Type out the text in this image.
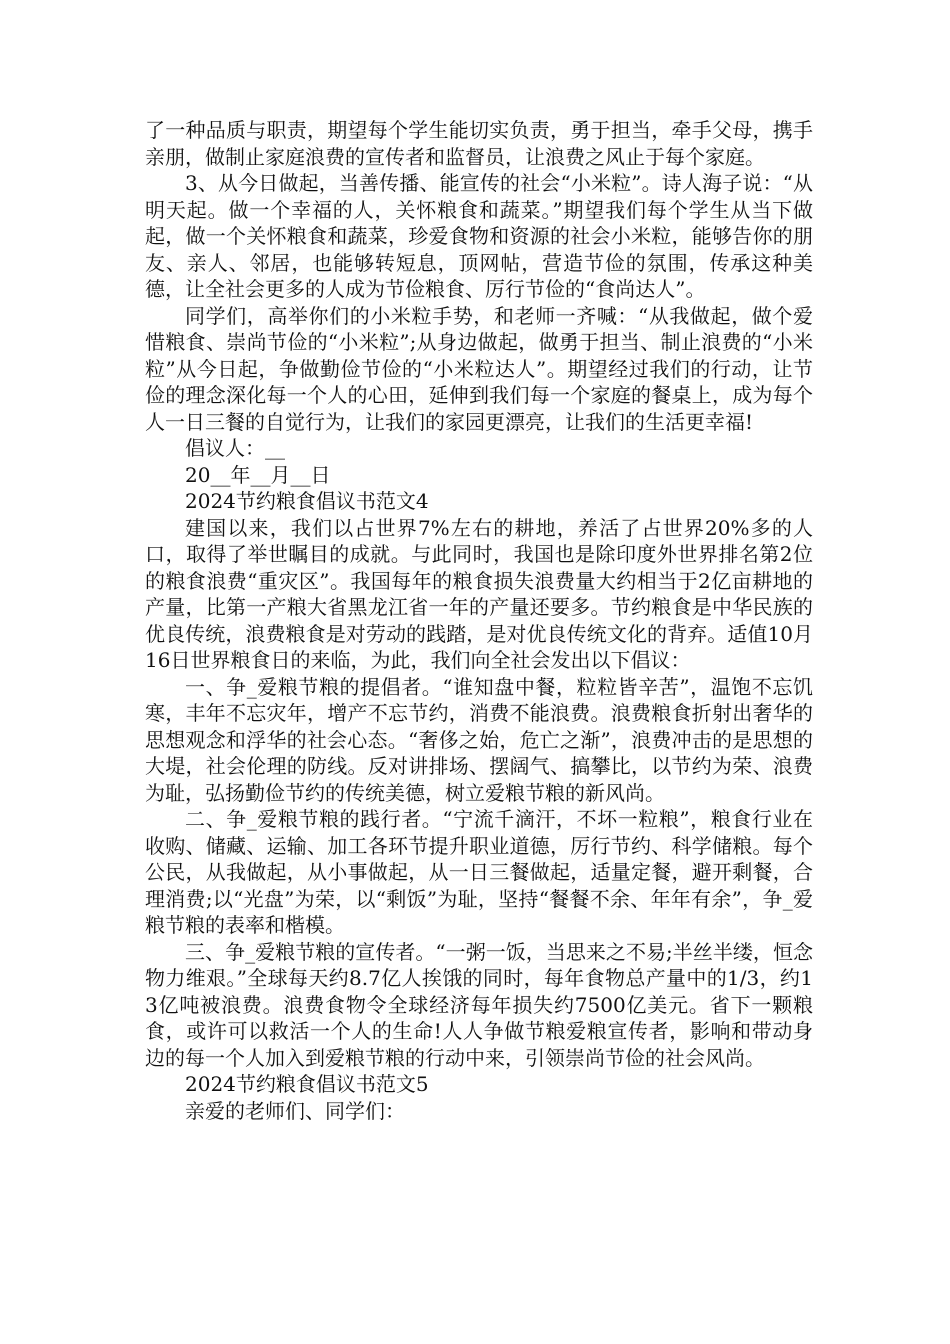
了一种品质与职责，期望每个学生能切实负责，勇于担当，牵手父母，携手亲朋，做制止家庭浪费的宣传者和监督员，让浪费之风止于每个家庭。

3、从今日做起，当善传播、能宣传的社会“小米粒”。诗人海子说：“从明天起。做一个幸福的人，关怀粮食和蔬菜。”期望我们每个学生从当下做起，做一个关怀粮食和蔬菜，珍爱食物和资源的社会小米粒，能够告你的朋友、亲人、邻居，也能够转短息，顶网帖，营造节俭的氛围，传承这种美德，让全社会更多的人成为节俭粮食、厉行节俭的“食尚达人”。

同学们，高举你们的小米粒手势，和老师一齐喊：“从我做起，做个爱惜粮食、崇尚节俭的“小米粒”;从身边做起，做勇于担当、制止浪费的“小米粒”从今日起，争做勤俭节俭的“小米粒达人”。期望经过我们的行动，让节俭的理念深化每一个人的心田，延伸到我们每一个家庭的餐桌上，成为每个人一日三餐的自觉行为，让我们的家园更漂亮，让我们的生活更幸福!

倡议人：__

20__年__月__日

2024节约粮食倡议书范文4

建国以来，我们以占世界7%左右的耕地，养活了占世界20%多的人口，取得了举世瞩目的成就。与此同时，我国也是除印度外世界排名第2位的粮食浪费“重灾区”。我国每年的粮食损失浪费量大约相当于2亿亩耕地的产量，比第一产粮大省黑龙江省一年的产量还要多。节约粮食是中华民族的优良传统，浪费粮食是对劳动的践踏，是对优良传统文化的背弃。适值10月16日世界粮食日的来临，为此，我们向全社会发出以下倡议：

一、争_爱粮节粮的提倡者。“谁知盘中餐，粒粒皆辛苦”，温饱不忘饥寒，丰年不忘灾年，增产不忘节约，消费不能浪费。浪费粮食折射出奢华的思想观念和浮华的社会心态。“奢侈之始，危亡之渐”，浪费冲击的是思想的大堤，社会伦理的防线。反对讲排场、摆阔气、搞攀比，以节约为荣、浪费为耻，弘扬勤俭节约的传统美德，树立爱粮节粮的新风尚。

二、争_爱粮节粮的践行者。“宁流千滴汗，不坏一粒粮”，粮食行业在收购、储藏、运输、加工各环节提升职业道德，厉行节约、科学储粮。每个公民，从我做起，从小事做起，从一日三餐做起，适量定餐，避开剩餐，合理消费;以“光盘”为荣，以“剩饭”为耻，坚持“餐餐不余、年年有余”，争_爱粮节粮的表率和楷模。

三、争_爱粮节粮的宣传者。“一粥一饭，当思来之不易;半丝半缕，恒念物力维艰。”全球每天约8.7亿人挨饿的同时，每年食物总产量中的1/3，约13亿吨被浪费。浪费食物令全球经济每年损失约7500亿美元。省下一颗粮食，或许可以救活一个人的生命!人人争做节粮爱粮宣传者，影响和带动身边的每一个人加入到爱粮节粮的行动中来，引领崇尚节俭的社会风尚。

2024节约粮食倡议书范文5

亲爱的老师们、同学们：
